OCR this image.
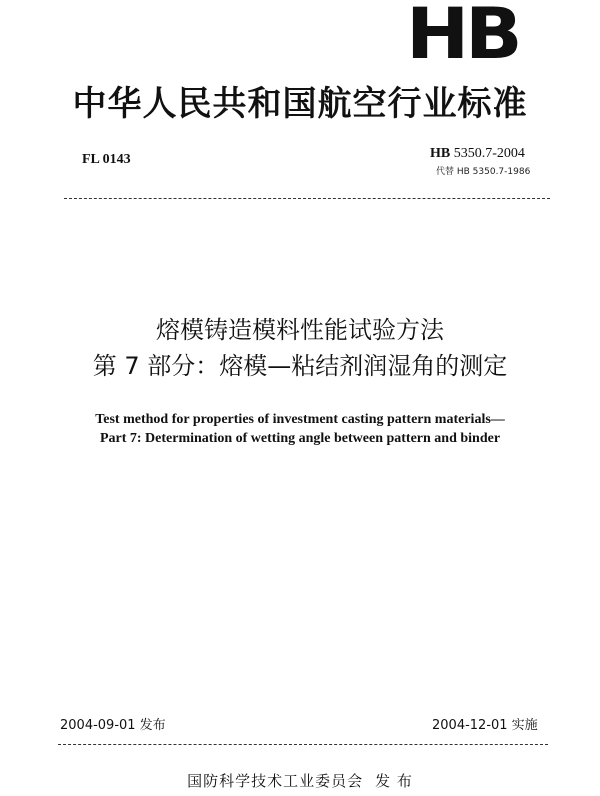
HB
中华人民共和国航空行业标准
FL 0143	HB 5350.7-2004
代替 HB 5350.7-1986
熔模铸造模料性能试验方法
第 7 部分：熔模—粘结剂润湿角的测定
Test method for properties of investment casting pattern materials—
Part 7: Determination of wetting angle between pattern and binder
2004-09-01 发布	2004-12-01 实施
国防科学技术工业委员会 发 布
